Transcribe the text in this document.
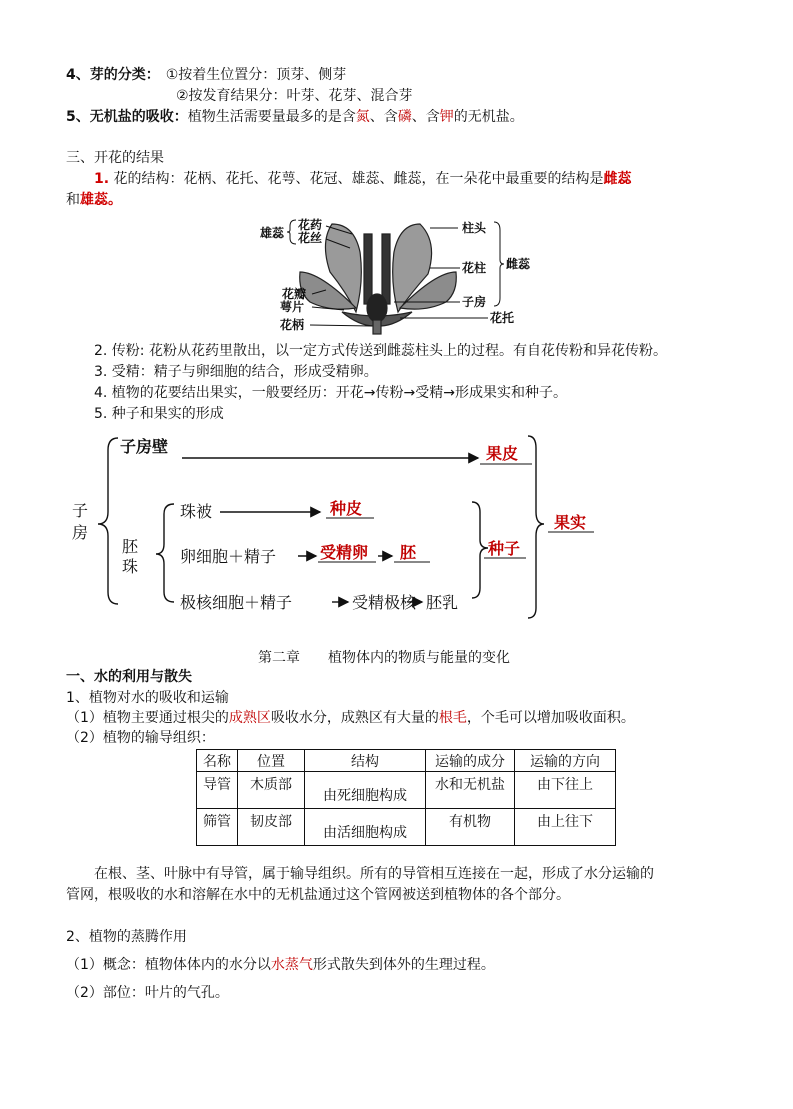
4、芽的分类： ①按着生位置分：顶芽、侧芽
②按发育结果分：叶芽、花芽、混合芽
5、无机盐的吸收：植物生活需要量最多的是含氮、含磷、含钾的无机盐。
三、开花的结果
1. 花的结构：花柄、花托、花萼、花冠、雄蕊、雌蕊，在一朵花中最重要的结构是雌蕊
和雄蕊。
雄蕊
花药
花丝
花瓣
萼片
花柄
柱头
花柱 雌蕊
子房
花托
2. 传粉: 花粉从花药里散出，以一定方式传送到雌蕊柱头上的过程。有自花传粉和异花传粉。
3. 受精：精子与卵细胞的结合，形成受精卵。
4. 植物的花要结出果实，一般要经历：开花→传粉→受精→形成果实和种子。
5. 种子和果实的形成
子
房
子房壁	果皮
胚
珠
珠被	种皮
卵细胞＋精子	受精卵 胚
极核细胞＋精子	受精极核 胚乳
种子
果实
第二章　　植物体内的物质与能量的变化
一、水的利用与散失
1、植物对水的吸收和运输
（1）植物主要通过根尖的成熟区吸收水分，成熟区有大量的根毛，个毛可以增加吸收面积。
（2）植物的输导组织：
名称	位置	结构	运输的成分	运输的方向
导管	木质部	由死细胞构成	水和无机盐	由下往上
筛管	韧皮部	由活细胞构成	有机物	由上往下
在根、茎、叶脉中有导管，属于输导组织。所有的导管相互连接在一起，形成了水分运输的
管网，根吸收的水和溶解在水中的无机盐通过这个管网被送到植物体的各个部分。
2、植物的蒸腾作用
（1）概念：植物体体内的水分以水蒸气形式散失到体外的生理过程。
（2）部位：叶片的气孔。
